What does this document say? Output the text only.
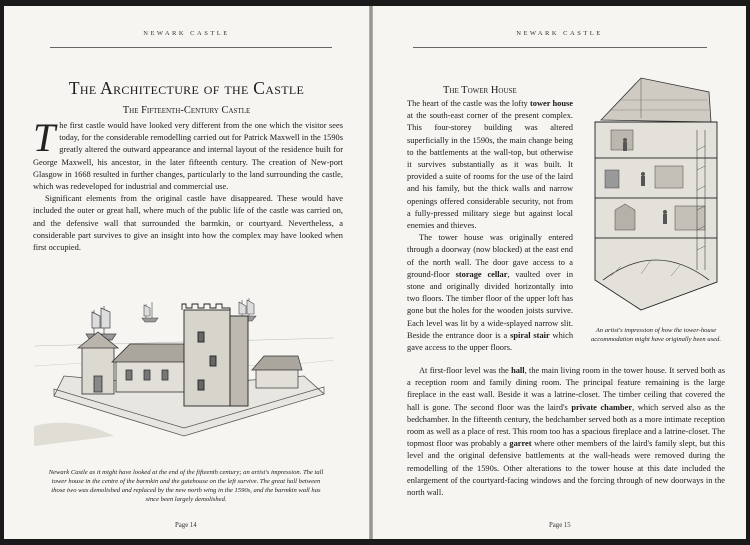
NEWARK CASTLE
The Architecture of the Castle
The Fifteenth-Century Castle

The first castle would have looked very different from the one which the visitor sees today, for the considerable remodelling carried out for Patrick Maxwell in the 1590s greatly altered the outward appearance and internal layout of the residence built for George Maxwell, his ancestor, in the later fifteenth century. The creation of New-port Glasgow in 1668 resulted in further changes, particularly to the land surrounding the castle, which was redeveloped for industrial and commercial use.

Significant elements from the original castle have disappeared. These would have included the outer or great hall, where much of the public life of the castle was carried on, and the defensive wall that surrounded the barmkin, or courtyard. Nevertheless, a considerable part survives to give an insight into how the complex may have looked when first occupied.

Newark Castle as it might have looked at the end of the fifteenth century; an artist's impression. The tall tower house in the centre of the barmkin and the gatehouse on the left survive. The great hall between those two was demolished and replaced by the new north wing in the 1590s, and the barmkin wall has since been largely demolished.
Page 14
NEWARK CASTLE
The Tower House

The heart of the castle was the lofty tower house at the south-east corner of the present complex. This four-storey building was altered superficially in the 1590s, the main change being to the battlements at the wall-top, but otherwise it survives substantially as it was built. It provided a suite of rooms for the use of the laird and his family, but the thick walls and narrow openings offered considerable security, not from a fully-pressed military siege but against local enemies and thieves.

The tower house was originally entered through a doorway (now blocked) at the east end of the north wall. The door gave access to a ground-floor storage cellar, vaulted over in stone and originally divided horizontally into two floors. The timber floor of the upper loft has gone but the holes for the wooden joists survive. Each level was lit by a wide-splayed narrow slit. Beside the entrance door is a spiral stair which gave access to the upper floors.

An artist's impression of how the tower-house accommodation might have originally been used.

At first-floor level was the hall, the main living room in the tower house. It served both as a reception room and family dining room. The principal feature remaining is the large fireplace in the east wall. Beside it was a latrine-closet. The timber ceiling that covered the hall is gone. The second floor was the laird's private chamber, which served also as the bedchamber. In the fifteenth century, the bedchamber served both as a more intimate reception room as well as a place of rest. This room too has a spacious fireplace and a latrine-closet. The topmost floor was probably a garret where other members of the laird's family slept, but this level and the original defensive battlements at the wall-heads were removed during the remodelling of the 1590s. Other alterations to the tower house at this date included the enlargement of the courtyard-facing windows and the forcing through of new doorways in the north wall.

Page 15
